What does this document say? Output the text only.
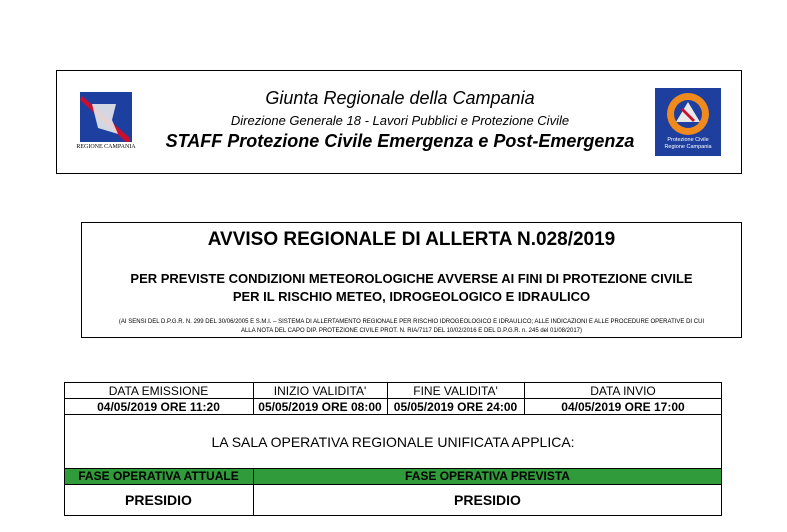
REGIONE CAMPANIA
Giunta Regionale della Campania
Direzione Generale 18 - Lavori Pubblici e Protezione Civile
STAFF Protezione Civile Emergenza e Post-Emergenza	Protezione Civile
Regione Campania
AVVISO REGIONALE DI ALLERTA N.028/2019
PER PREVISTE CONDIZIONI METEOROLOGICHE AVVERSE AI FINI DI PROTEZIONE CIVILE
PER IL RISCHIO METEO, IDROGEOLOGICO E IDRAULICO
(AI SENSI DEL D.P.G.R. N. 299 DEL 30/06/2005 E S.M.I. – SISTEMA DI ALLERTAMENTO REGIONALE PER RISCHIO IDROGEOLOGICO E IDRAULICO; ALLE INDICAZIONI E ALLE PROCEDURE OPERATIVE DI CUI
ALLA NOTA DEL CAPO DIP. PROTEZIONE CIVILE PROT. N. RIA/7117 DEL 10/02/2016 E DEL D.P.G.R. n. 245 del 01/08/2017)
DATA EMISSIONE	INIZIO VALIDITA'	FINE VALIDITA'	DATA INVIO
04/05/2019 ORE 11:20	05/05/2019 ORE 08:00	05/05/2019 ORE 24:00	04/05/2019 ORE 17:00
LA SALA OPERATIVA REGIONALE UNIFICATA APPLICA:
FASE OPERATIVA ATTUALE	FASE OPERATIVA PREVISTA
PRESIDIO	PRESIDIO
